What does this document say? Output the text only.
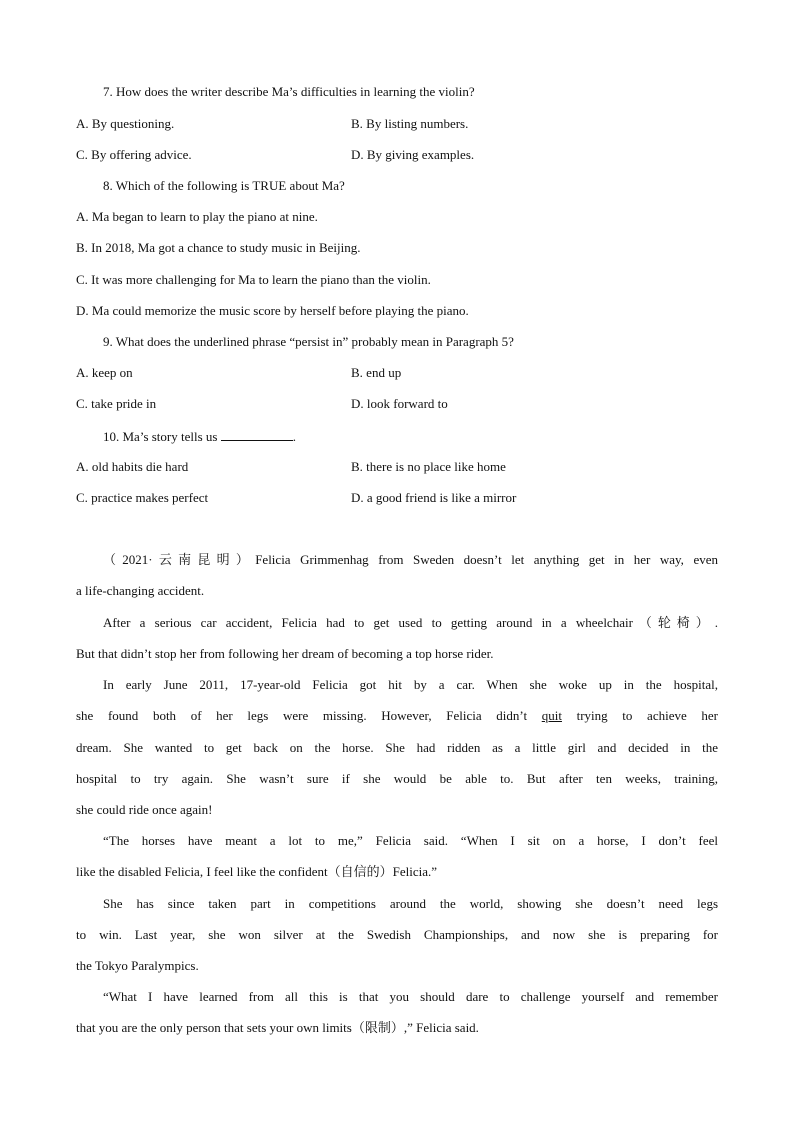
7. How does the writer describe Ma’s difficulties in learning the violin?
A. By questioning.	B. By listing numbers.
C. By offering advice.	D. By giving examples.
8. Which of the following is TRUE about Ma?
A. Ma began to learn to play the piano at nine.
B. In 2018, Ma got a chance to study music in Beijing.
C. It was more challenging for Ma to learn the piano than the violin.
D. Ma could memorize the music score by herself before playing the piano.
9. What does the underlined phrase “persist in” probably mean in Paragraph 5?
A. keep on	B. end up
C. take pride in	D. look forward to
10. Ma’s story tells us	.
A. old habits die hard	B. there is no place like home
C. practice makes perfect	D. a good friend is like a mirror
（2021·云南昆明）Felicia Grimmenhag from Sweden doesn’t let anything get in her way, even
a life-changing accident.
After a serious car accident, Felicia had to get used to getting around in a wheelchair（轮椅）.
But that didn’t stop her from following her dream of becoming a top horse rider.
In early June 2011, 17-year-old Felicia got hit by a car. When she woke up in the hospital,
she found both of her legs were missing. However, Felicia didn’t quit trying to achieve her
dream. She wanted to get back on the horse. She had ridden as a little girl and decided in the
hospital to try again. She wasn’t sure if she would be able to. But after ten weeks, training,
she could ride once again!
“The horses have meant a lot to me,” Felicia said. “When I sit on a horse, I don’t feel
like the disabled Felicia, I feel like the confident（自信的）Felicia.”
She has since taken part in competitions around the world, showing she doesn’t need legs
to win. Last year, she won silver at the Swedish Championships, and now she is preparing for
the Tokyo Paralympics.
“What I have learned from all this is that you should dare to challenge yourself and remember
that you are the only person that sets your own limits（限制）,” Felicia said.
